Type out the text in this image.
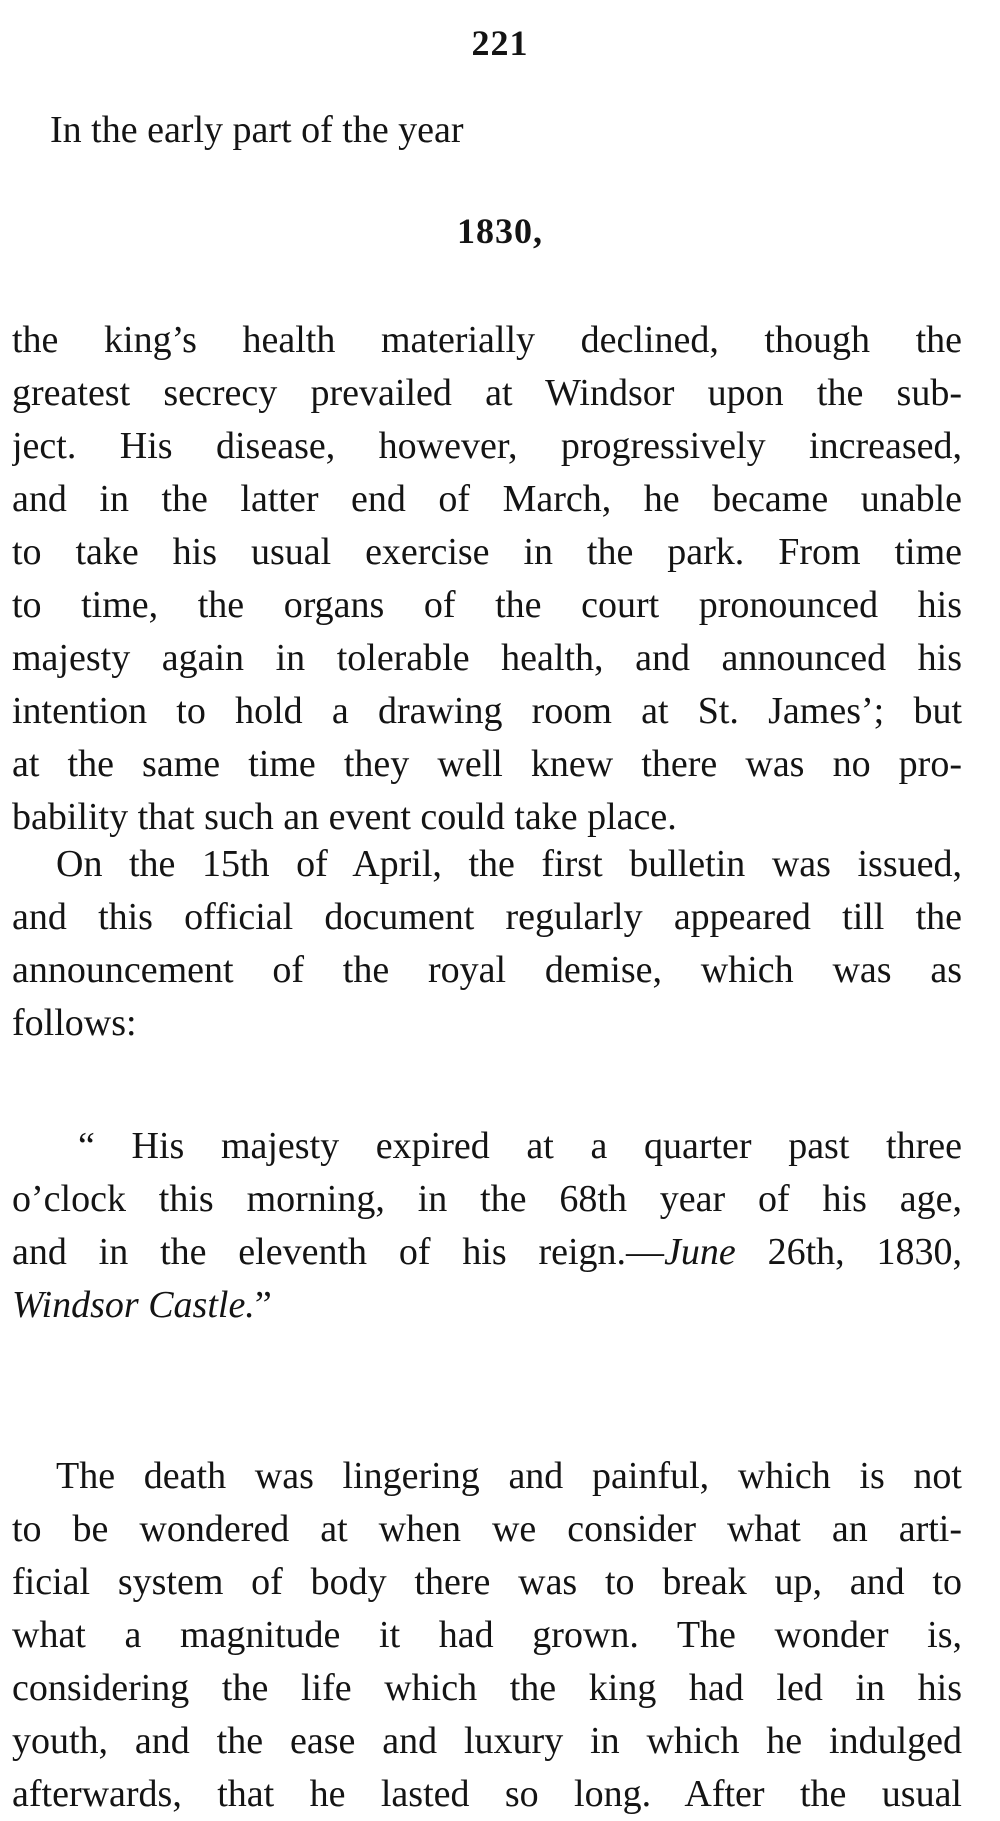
221
In the early part of the year
1830,
the king’s health materially declined, though the
greatest secrecy prevailed at Windsor upon the sub-
ject. His disease, however, progressively increased,
and in the latter end of March, he became unable
to take his usual exercise in the park. From time
to time, the organs of the court pronounced his
majesty again in tolerable health, and announced his
intention to hold a drawing room at St. James’; but
at the same time they well knew there was no pro-
bability that such an event could take place.
On the 15th of April, the first bulletin was issued,
and this official document regularly appeared till the
announcement of the royal demise, which was as
follows:
“ His majesty expired at a quarter past three
o’clock this morning, in the 68th year of his age,
and in the eleventh of his reign.—June 26th, 1830,
Windsor Castle.”
The death was lingering and painful, which is not
to be wondered at when we consider what an arti-
ficial system of body there was to break up, and to
what a magnitude it had grown. The wonder is,
considering the life which the king had led in his
youth, and the ease and luxury in which he indulged
afterwards, that he lasted so long. After the usual
